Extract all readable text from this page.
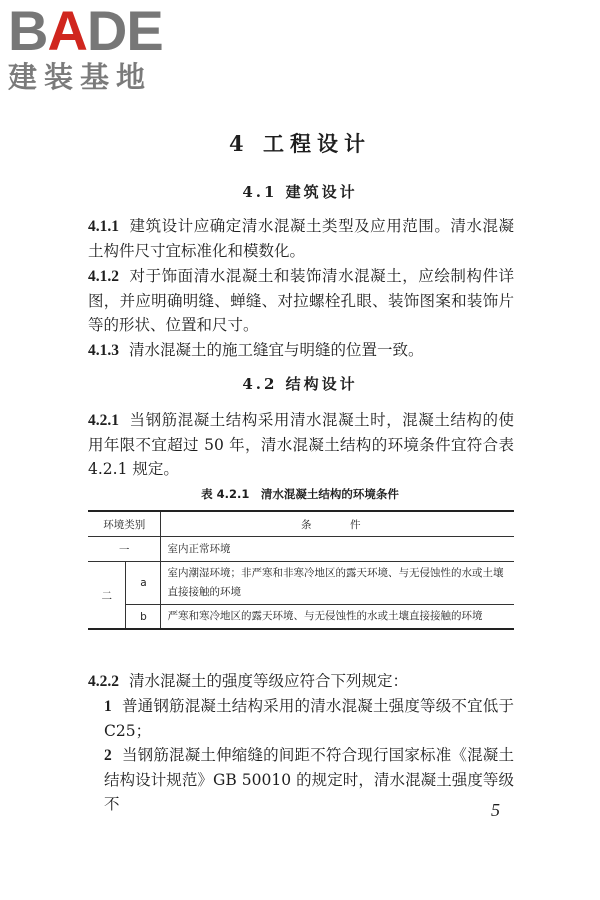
BADE
建装基地
4 工程设计
4.1 建筑设计
4.1.1 建筑设计应确定清水混凝土类型及应用范围。清水混凝土构件尺寸宜标准化和模数化。
4.1.2 对于饰面清水混凝土和装饰清水混凝土，应绘制构件详图，并应明确明缝、蝉缝、对拉螺栓孔眼、装饰图案和装饰片等的形状、位置和尺寸。
4.1.3 清水混凝土的施工缝宜与明缝的位置一致。
4.2 结构设计
4.2.1 当钢筋混凝土结构采用清水混凝土时，混凝土结构的使用年限不宜超过 50 年，清水混凝土结构的环境条件宜符合表 4.2.1 规定。
表 4.2.1　清水混凝土结构的环境条件
环境类别		条　件
一		室内正常环境
二	a	室内潮湿环境；非严寒和非寒冷地区的露天环境、与无侵蚀性的水或土壤直接接触的环境
	b	严寒和寒冷地区的露天环境、与无侵蚀性的水或土壤直接接触的环境
4.2.2 清水混凝土的强度等级应符合下列规定：
1 普通钢筋混凝土结构采用的清水混凝土强度等级不宜低于 C25；
2 当钢筋混凝土伸缩缝的间距不符合现行国家标准《混凝土结构设计规范》GB 50010 的规定时，清水混凝土强度等级不	5
